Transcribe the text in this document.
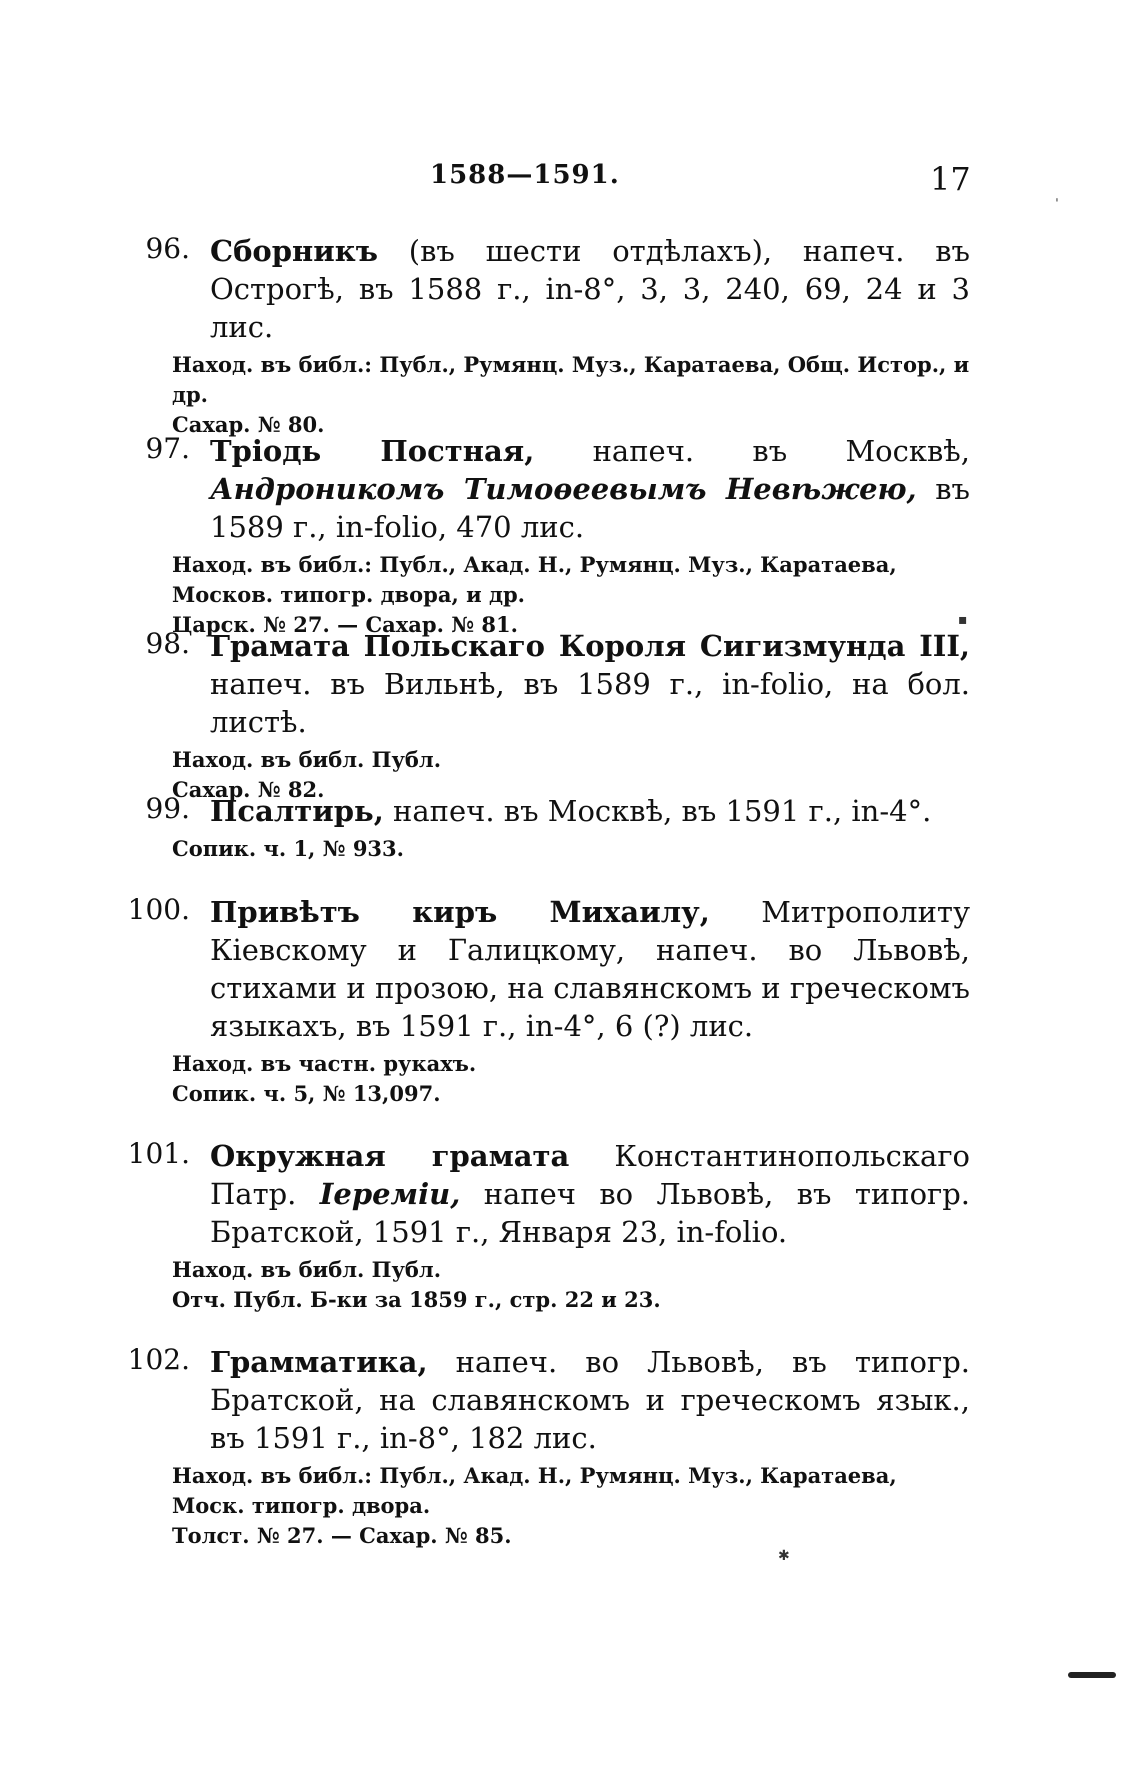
1588—1591.	17
96. Сборникъ (въ шести отдѣлахъ), напеч. въ Острогѣ, въ 1588 г., in-8°, 3, 3, 240, 69, 24 и 3 лис.
Наход. въ библ.: Публ., Румянц. Муз., Каратаева, Общ. Истор., и др.
Сахар. № 80.
97. Тріодь Постная, напеч. въ Москвѣ, Андроникомъ Тимоѳеевымъ Невѣжею, въ 1589 г., in-folio, 470 лис.
Наход. въ библ.: Публ., Акад. Н., Румянц. Муз., Каратаева, Москов. типогр. двора, и др.
Царск. № 27. — Сахар. № 81.
98. Грамата Польскаго Короля Сигизмунда III, напеч. въ Вильнѣ, въ 1589 г., in-folio, на бол. листѣ.
Наход. въ библ. Публ.
Сахар. № 82.
99. Псалтирь, напеч. въ Москвѣ, въ 1591 г., in-4°.
Сопик. ч. 1, № 933.
100. Привѣтъ киръ Михаилу, Митрополиту Кіевскому и Галицкому, напеч. во Львовѣ, стихами и прозою, на славянскомъ и греческомъ языкахъ, въ 1591 г., in-4°, 6 (?) лис.
Наход. въ частн. рукахъ.
Сопик. ч. 5, № 13,097.
101. Окружная грамата Константинопольскаго Патр. Іереміи, напеч во Львовѣ, въ типогр. Братской, 1591 г., Января 23, in-folio.
Наход. въ библ. Публ.
Отч. Публ. Б-ки за 1859 г., стр. 22 и 23.
102. Грамматика, напеч. во Львовѣ, въ типогр. Братской, на славянскомъ и греческомъ язык., въ 1591 г., in-8°, 182 лис.
Наход. въ библ.: Публ., Акад. Н., Румянц. Муз., Каратаева, Моск. типогр. двора.
Толст. № 27. — Сахар. № 85.
ˈ
▪
✱
